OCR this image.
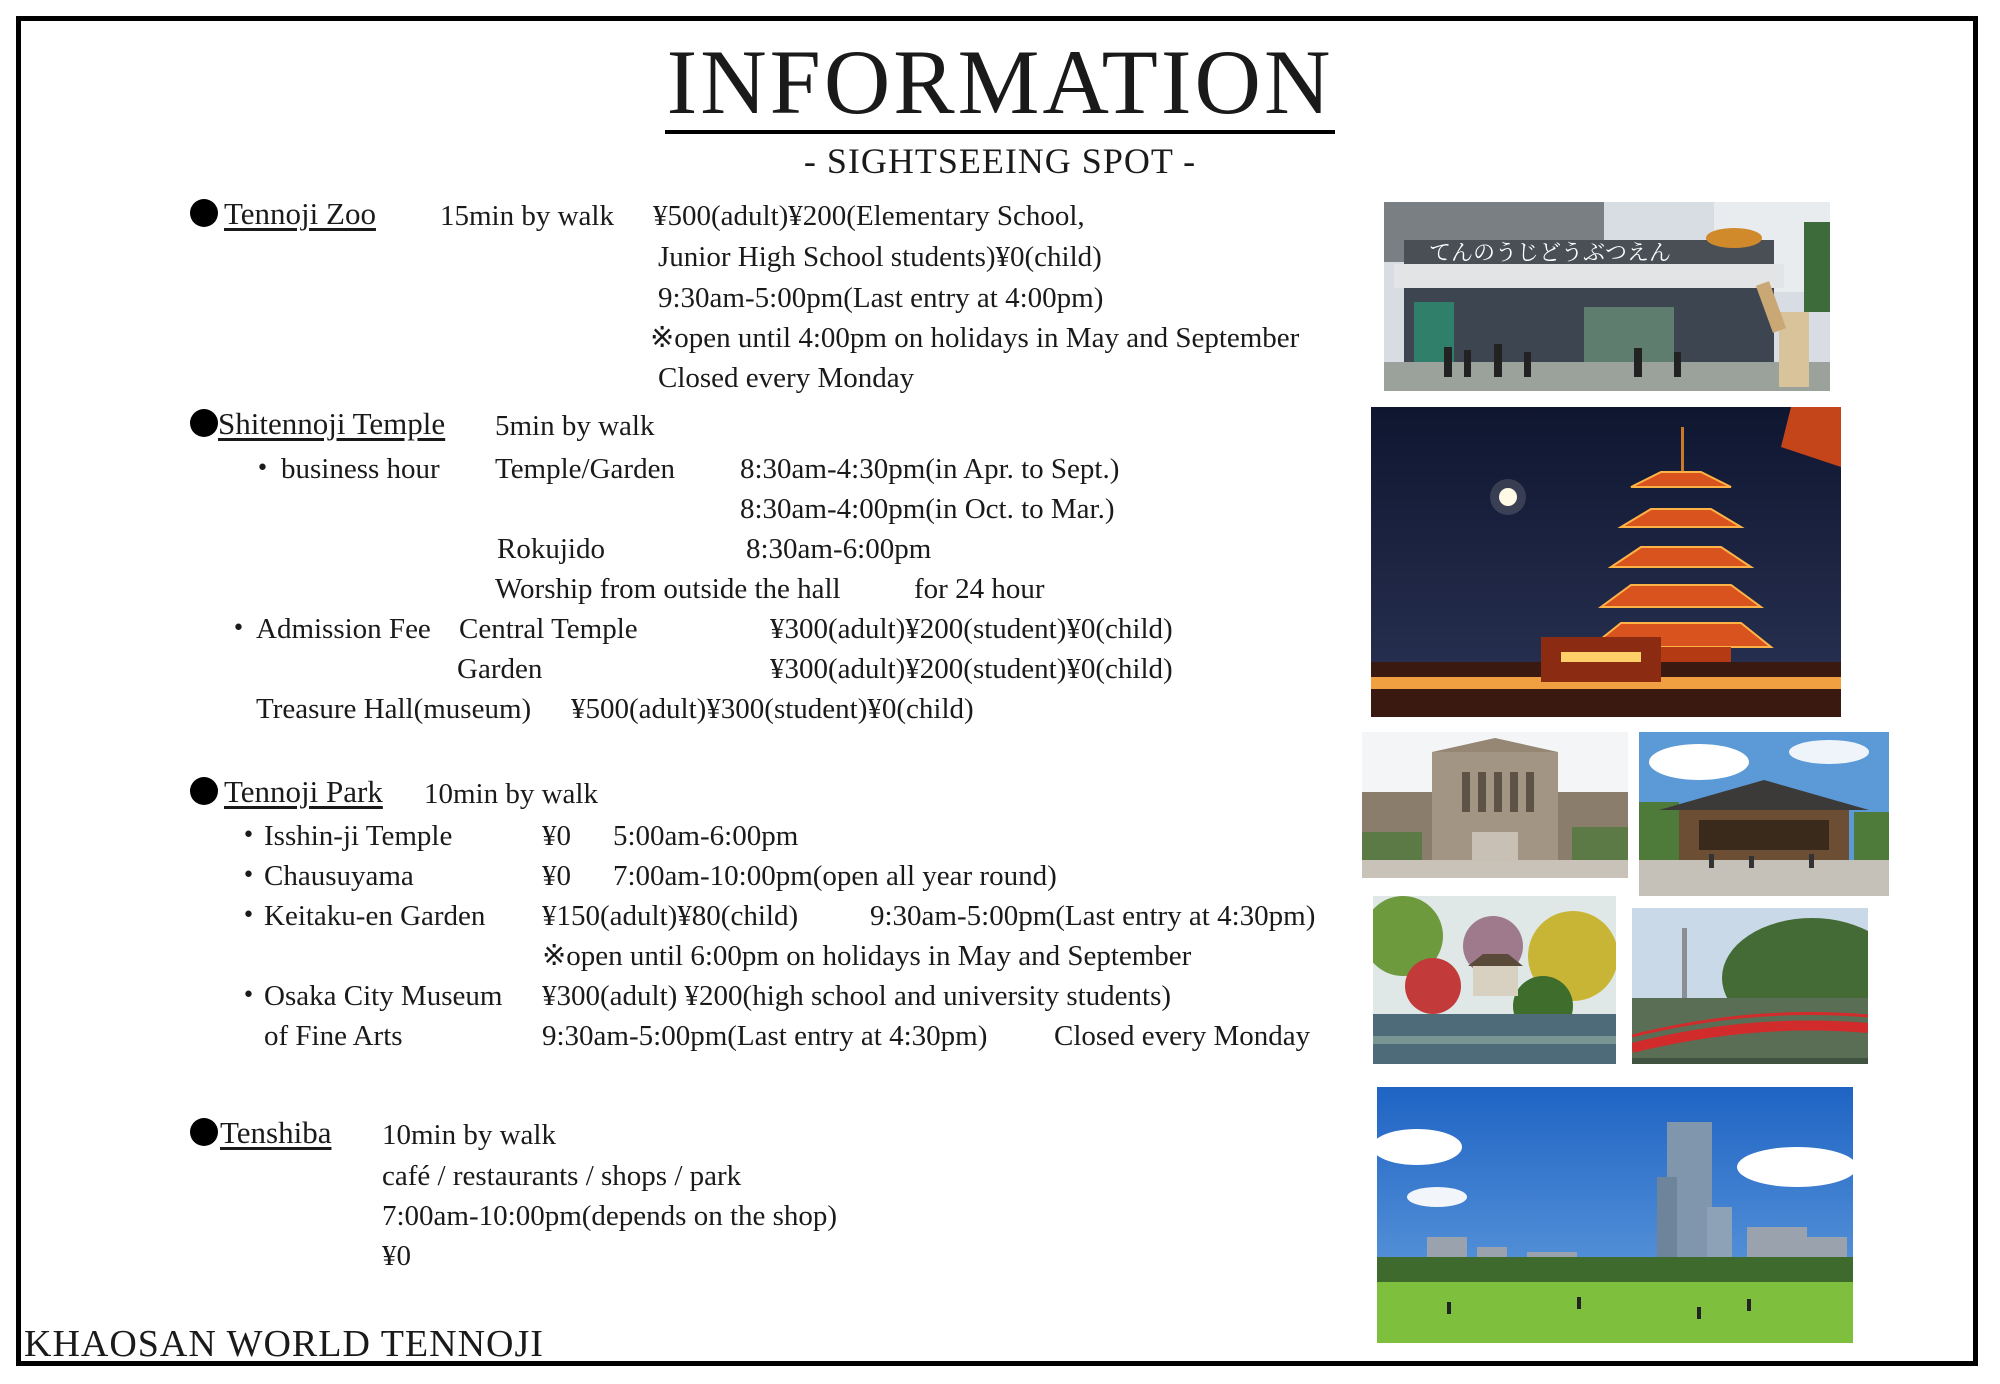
INFORMATION
- SIGHTSEEING SPOT -
Tennoji Zoo 15min by walk ¥500(adult)¥200(Elementary School,
Junior High School students)¥0(child)
9:30am-5:00pm(Last entry at 4:00pm)
※open until 4:00pm on holidays in May and September
Closed every Monday
Shitennoji Temple 5min by walk
• business hour Temple/Garden 8:30am-4:30pm(in Apr. to Sept.)
8:30am-4:00pm(in Oct. to Mar.)
Rokujido	8:30am-6:00pm
Worship from outside the hall	for 24 hour
• Admission Fee Central Temple	¥300(adult)¥200(student)¥0(child)
Garden	¥300(adult)¥200(student)¥0(child)
Treasure Hall(museum) ¥500(adult)¥300(student)¥0(child)
Tennoji Park 10min by walk
• Isshin-ji Temple	¥0 5:00am-6:00pm
• Chausuyama	¥0 7:00am-10:00pm(open all year round)
• Keitaku-en Garden ¥150(adult)¥80(child) 9:30am-5:00pm(Last entry at 4:30pm)
※open until 6:00pm on holidays in May and September
• Osaka City Museum ¥300(adult) ¥200(high school and university students)
of Fine Arts	9:30am-5:00pm(Last entry at 4:30pm) Closed every Monday
Tenshiba 10min by walk
café / restaurants / shops / park
7:00am-10:00pm(depends on the shop)
¥0
てんのうじどうぶつえん
KHAOSAN WORLD TENNOJI
